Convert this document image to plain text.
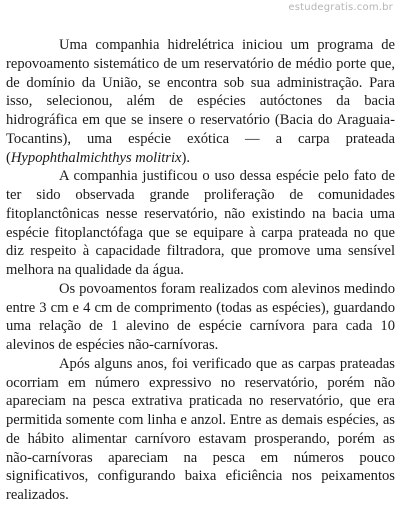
estudegratis.com.br

Uma companhia hidrelétrica iniciou um programa de repovoamento sistemático de um reservatório de médio porte que, de domínio da União, se encontra sob sua administração. Para isso, selecionou, além de espécies autóctones da bacia hidrográfica em que se insere o reservatório (Bacia do Araguaia-Tocantins), uma espécie exótica — a carpa prateada (Hypophthalmichthys molitrix).

A companhia justificou o uso dessa espécie pelo fato de ter sido observada grande proliferação de comunidades fitoplanctônicas nesse reservatório, não existindo na bacia uma espécie fitoplanctófaga que se equipare à carpa prateada no que diz respeito à capacidade filtradora, que promove uma sensível melhora na qualidade da água.

Os povoamentos foram realizados com alevinos medindo entre 3 cm e 4 cm de comprimento (todas as espécies), guardando uma relação de 1 alevino de espécie carnívora para cada 10 alevinos de espécies não-carnívoras.

Após alguns anos, foi verificado que as carpas prateadas ocorriam em número expressivo no reservatório, porém não apareciam na pesca extrativa praticada no reservatório, que era permitida somente com linha e anzol. Entre as demais espécies, as de hábito alimentar carnívoro estavam prosperando, porém as não-carnívoras apareciam na pesca em números pouco significativos, configurando baixa eficiência nos peixamentos realizados.
